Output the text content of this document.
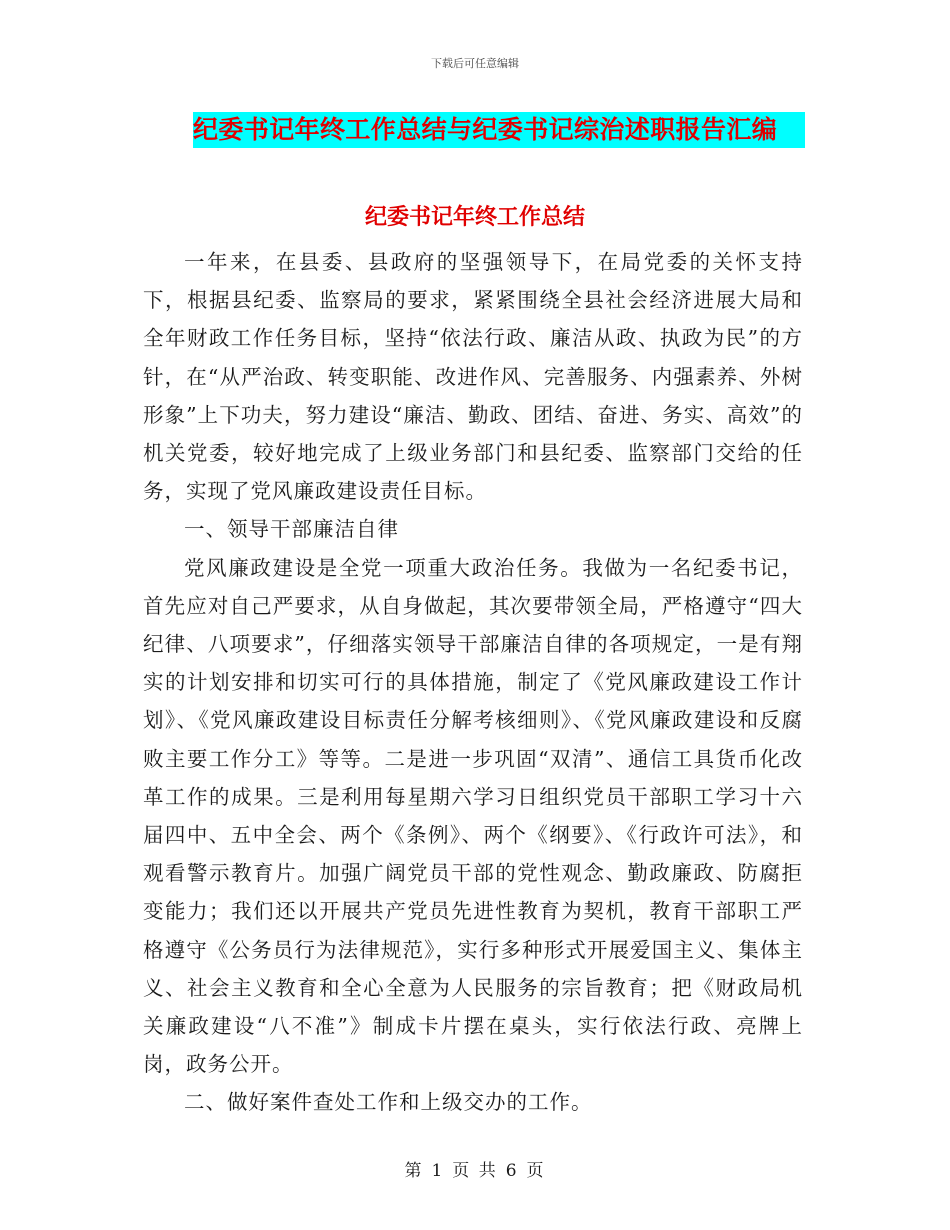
下载后可任意编辑
纪委书记年终工作总结与纪委书记综治述职报告汇编
纪委书记年终工作总结

一年来，在县委、县政府的坚强领导下，在局党委的关怀支持下，根据县纪委、监察局的要求，紧紧围绕全县社会经济进展大局和全年财政工作任务目标，坚持“依法行政、廉洁从政、执政为民”的方针，在“从严治政、转变职能、改进作风、完善服务、内强素养、外树形象”上下功夫，努力建设“廉洁、勤政、团结、奋进、务实、高效”的机关党委，较好地完成了上级业务部门和县纪委、监察部门交给的任务，实现了党风廉政建设责任目标。

一、领导干部廉洁自律

党风廉政建设是全党一项重大政治任务。我做为一名纪委书记，首先应对自己严要求，从自身做起，其次要带领全局，严格遵守“四大纪律、八项要求”，仔细落实领导干部廉洁自律的各项规定，一是有翔实的计划安排和切实可行的具体措施，制定了《党风廉政建设工作计划》、《党风廉政建设目标责任分解考核细则》、《党风廉政建设和反腐败主要工作分工》等等。二是进一步巩固“双清”、通信工具货币化改革工作的成果。三是利用每星期六学习日组织党员干部职工学习十六届四中、五中全会、两个《条例》、两个《纲要》、《行政许可法》，和观看警示教育片。加强广阔党员干部的党性观念、勤政廉政、防腐拒变能力；我们还以开展共产党员先进性教育为契机，教育干部职工严格遵守《公务员行为法律规范》，实行多种形式开展爱国主义、集体主义、社会主义教育和全心全意为人民服务的宗旨教育；把《财政局机关廉政建设“八不准”》制成卡片摆在桌头，实行依法行政、亮牌上岗，政务公开。

二、做好案件查处工作和上级交办的工作。

第 1 页 共 6 页
